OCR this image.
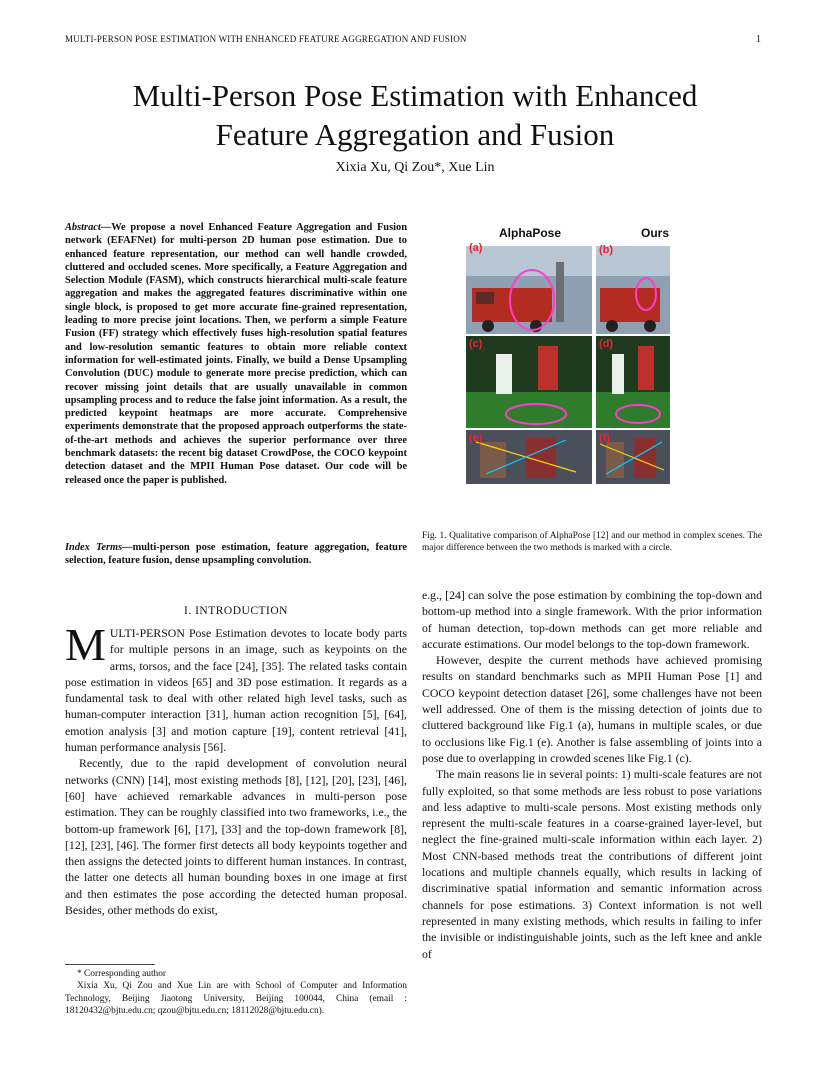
MULTI-PERSON POSE ESTIMATION WITH ENHANCED FEATURE AGGREGATION AND FUSION	1
Multi-Person Pose Estimation with Enhanced
Feature Aggregation and Fusion
Xixia Xu, Qi Zou*, Xue Lin
Abstract—We propose a novel Enhanced Feature Aggregation and Fusion network (EFAFNet) for multi-person 2D human pose estimation. Due to enhanced feature representation, our method can well handle crowded, cluttered and occluded scenes. More specifically, a Feature Aggregation and Selection Module (FASM), which constructs hierarchical multi-scale feature aggregation and makes the aggregated features discriminative within one single block, is proposed to get more accurate fine-grained representation, leading to more precise joint locations. Then, we perform a simple Feature Fusion (FF) strategy which effectively fuses high-resolution spatial features and low-resolution semantic features to obtain more reliable context information for well-estimated joints. Finally, we build a Dense Upsampling Convolution (DUC) module to generate more precise prediction, which can recover missing joint details that are usually unavailable in common upsampling process and to reduce the false joint information. As a result, the predicted keypoint heatmaps are more accurate. Comprehensive experiments demonstrate that the proposed approach outperforms the state-of-the-art methods and achieves the superior performance over three benchmark datasets: the recent big dataset CrowdPose, the COCO keypoint detection dataset and the MPII Human Pose dataset. Our code will be released once the paper is published.
Index Terms—multi-person pose estimation, feature aggregation, feature selection, feature fusion, dense upsampling convolution.
I. INTRODUCTION

MULTI-PERSON Pose Estimation devotes to locate body parts for multiple persons in an image, such as keypoints on the arms, torsos, and the face [24], [35]. The related tasks contain pose estimation in videos [65] and 3D pose estimation. It regards as a fundamental task to deal with other related high level tasks, such as human-computer interaction [31], human action recognition [5], [64], emotion analysis [3] and motion capture [19], content retrieval [41], human performance analysis [56].

Recently, due to the rapid development of convolution neural networks (CNN) [14], most existing methods [8], [12], [20], [23], [46], [60] have achieved remarkable advances in multi-person pose estimation. They can be roughly classified into two frameworks, i.e., the bottom-up framework [6], [17], [33] and the top-down framework [8], [12], [23], [46]. The former first detects all body keypoints together and then assigns the detected joints to different human instances. In contrast, the latter one detects all human bounding boxes in one image at first and then estimates the pose according the detected human proposal. Besides, other methods do exist,

* Corresponding author
Xixia Xu, Qi Zou and Xue Lin are with School of Computer and Information Technology, Beijing Jiaotong University, Beijing 100044, China (email : 18120432@bjtu.edu.cn; qzou@bjtu.edu.cn; 18112028@bjtu.edu.cn).
AlphaPose	Ours
(a)	(b)
(c)	(d)
(e)	(f)
Fig. 1. Qualitative comparison of AlphaPose [12] and our method in complex scenes. The major difference between the two methods is marked with a circle.

e.g., [24] can solve the pose estimation by combining the top-down and bottom-up method into a single framework. With the prior information of human detection, top-down methods can get more reliable and accurate estimations. Our model belongs to the top-down framework.

However, despite the current methods have achieved promising results on standard benchmarks such as MPII Human Pose [1] and COCO keypoint detection dataset [26], some challenges have not been well addressed. One of them is the missing detection of joints due to cluttered background like Fig.1 (a), humans in multiple scales, or due to occlusions like Fig.1 (e). Another is false assembling of joints into a pose due to overlapping in crowded scenes like Fig.1 (c).

The main reasons lie in several points: 1) multi-scale features are not fully exploited, so that some methods are less robust to pose variations and less adaptive to multi-scale persons. Most existing methods only represent the multi-scale features in a coarse-grained layer-level, but neglect the fine-grained multi-scale information within each layer. 2) Most CNN-based methods treat the contributions of different joint locations and multiple channels equally, which results in lacking of discriminative spatial information and semantic information across channels for pose estimations. 3) Context information is not well represented in many existing methods, which results in failing to infer the invisible or indistinguishable joints, such as the left knee and ankle of
